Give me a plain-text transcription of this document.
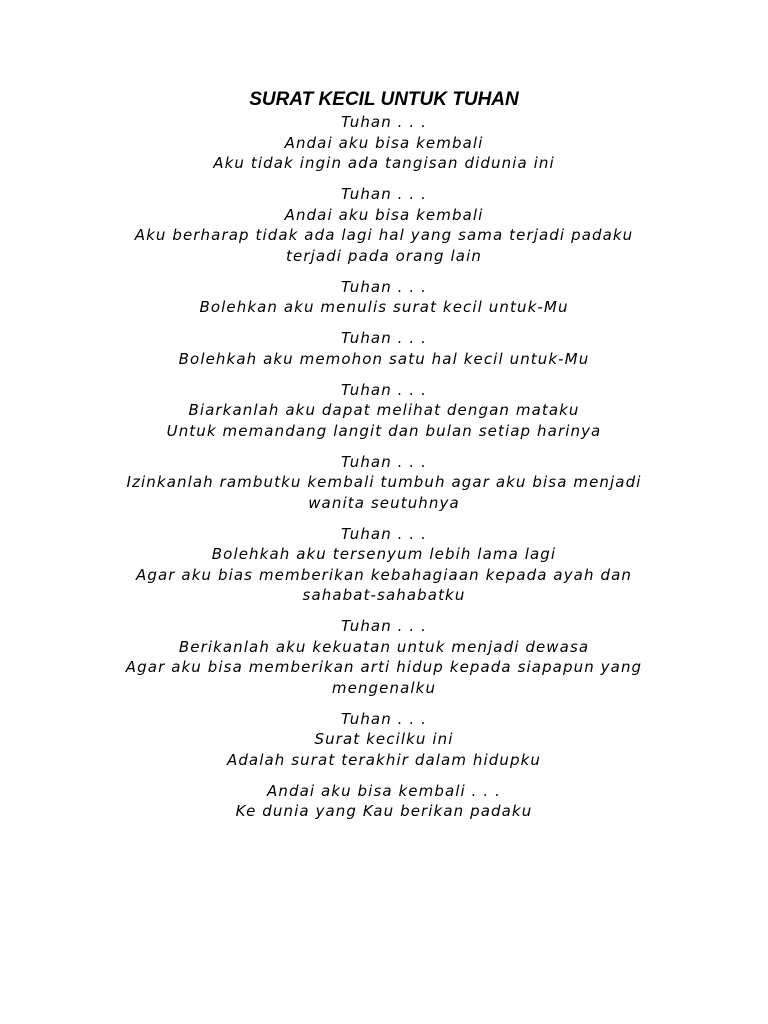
SURAT KECIL UNTUK TUHAN
Tuhan . . .
Andai aku bisa kembali
Aku tidak ingin ada tangisan didunia ini
Tuhan . . .
Andai aku bisa kembali
Aku berharap tidak ada lagi hal yang sama terjadi padaku
terjadi pada orang lain
Tuhan . . .
Bolehkan aku menulis surat kecil untuk-Mu
Tuhan . . .
Bolehkah aku memohon satu hal kecil untuk-Mu
Tuhan . . .
Biarkanlah aku dapat melihat dengan mataku
Untuk memandang langit dan bulan setiap harinya
Tuhan . . .
Izinkanlah rambutku kembali tumbuh agar aku bisa menjadi
wanita seutuhnya
Tuhan . . .
Bolehkah aku tersenyum lebih lama lagi
Agar aku bias memberikan kebahagiaan kepada ayah dan
sahabat-sahabatku
Tuhan . . .
Berikanlah aku kekuatan untuk menjadi dewasa
Agar aku bisa memberikan arti hidup kepada siapapun yang
mengenalku
Tuhan . . .
Surat kecilku ini
Adalah surat terakhir dalam hidupku
Andai aku bisa kembali . . .
Ke dunia yang Kau berikan padaku
